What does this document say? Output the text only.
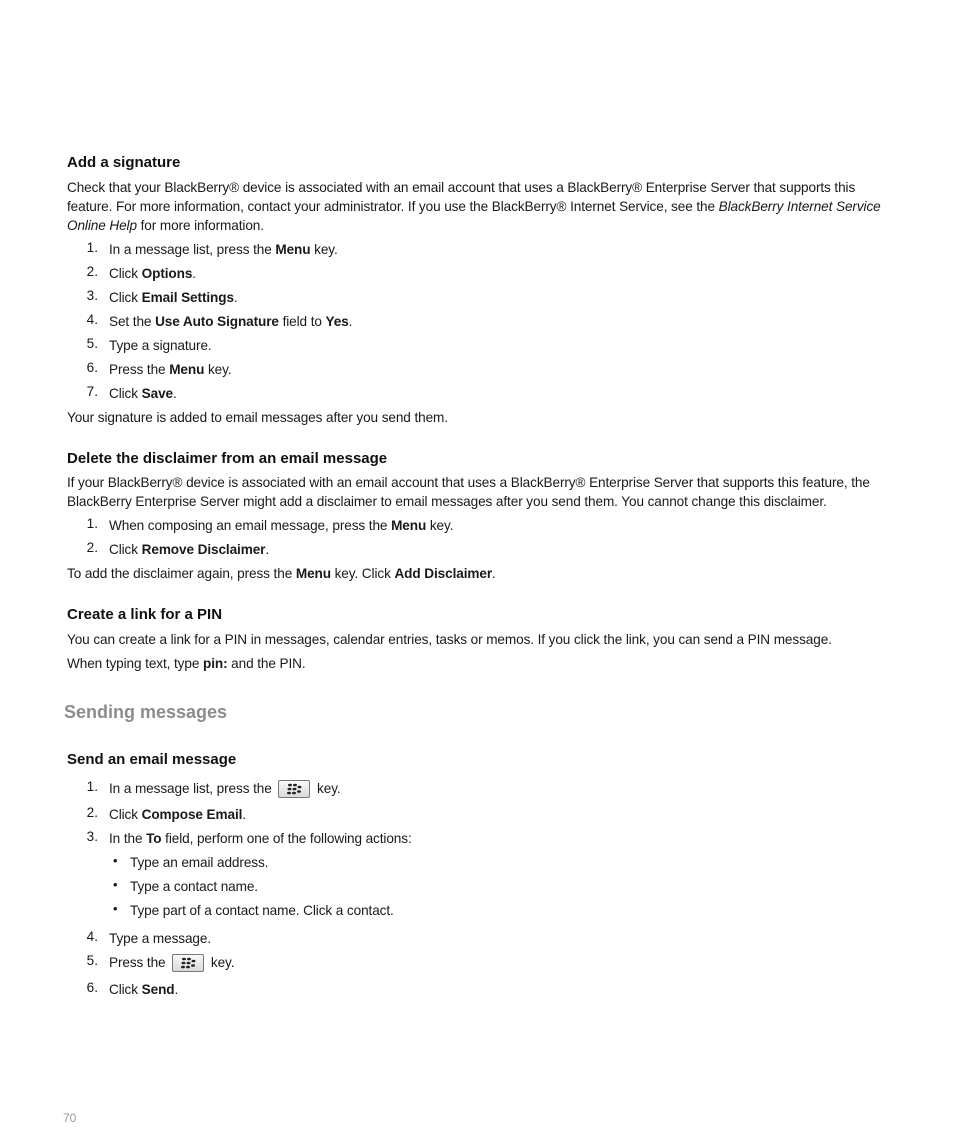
Add a signature
Check that your BlackBerry® device is associated with an email account that uses a BlackBerry® Enterprise Server that supports this
feature. For more information, contact your administrator. If you use the BlackBerry® Internet Service, see the BlackBerry Internet Service
Online Help for more information.
1. In a message list, press the Menu key.
2. Click Options.
3. Click Email Settings.
4. Set the Use Auto Signature field to Yes.
5. Type a signature.
6. Press the Menu key.
7. Click Save.
Your signature is added to email messages after you send them.
Delete the disclaimer from an email message
If your BlackBerry® device is associated with an email account that uses a BlackBerry® Enterprise Server that supports this feature, the
BlackBerry Enterprise Server might add a disclaimer to email messages after you send them. You cannot change this disclaimer.
1. When composing an email message, press the Menu key.
2. Click Remove Disclaimer.
To add the disclaimer again, press the Menu key. Click Add Disclaimer.
Create a link for a PIN
You can create a link for a PIN in messages, calendar entries, tasks or memos. If you click the link, you can send a PIN message.
When typing text, type pin: and the PIN.
Sending messages
Send an email message
1. In a message list, press the	key.
2. Click Compose Email.
3. In the To field, perform one of the following actions:
• Type an email address.
• Type a contact name.
• Type part of a contact name. Click a contact.
4. Type a message.
5. Press the	key.
6. Click Send.
70
